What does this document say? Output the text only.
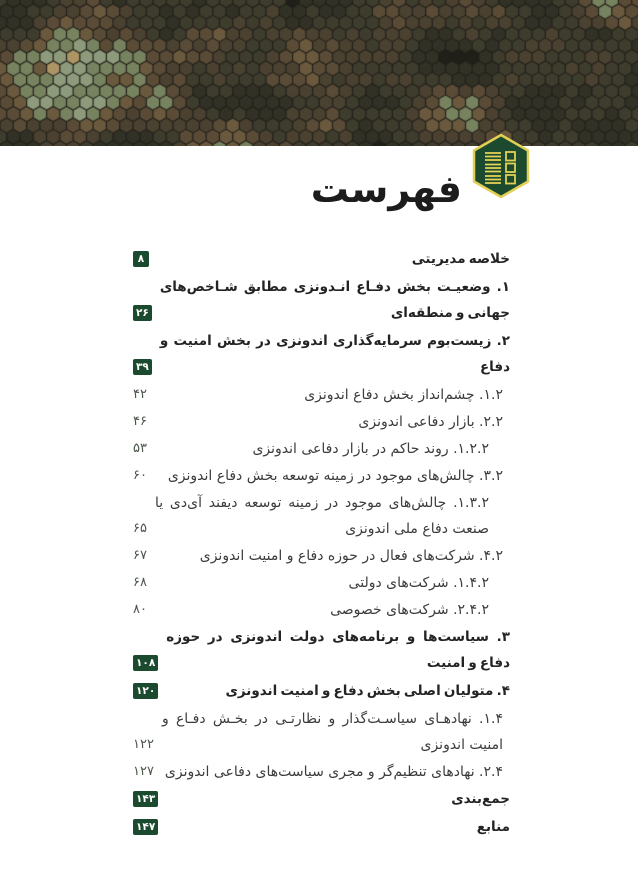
فهرست
خلاصه مدیریتی
۸
۱. وضعیـت بخش دفـاع انـدونزی مطابق شـاخص‌های جهانی و منطقه‌ای
۲۶
۲. زیست‌بوم سرمایه‌گذاری اندونزی در بخش امنیت و دفاع
۳۹
۱.۲. چشم‌انداز بخش دفاع اندونزی
۴۲
۲.۲. بازار دفاعی اندونزی
۴۶
۱.۲.۲. روند حاکم در بازار دفاعی اندونزی
۵۳
۳.۲. چالش‌های موجود در زمینه توسعه بخش دفاع اندونزی
۶۰
۱.۳.۲. چالش‌های موجود در زمینه توسعه دیفند آی‌دی یا صنعت دفاع ملی اندونزی
۶۵
۴.۲. شرکت‌های فعال در حوزه دفاع و امنیت اندونزی
۶۷
۱.۴.۲. شرکت‌های دولتی
۶۸
۲.۴.۲. شرکت‌های خصوصی
۸۰
۳. سیاست‌ها و برنامه‌های دولت اندونزی در حوزه دفاع و امنیت
۱۰۸
۴. متولیان اصلی بخش دفاع و امنیت اندونزی
۱۲۰
۱.۴. نهادهـای سیاسـت‌گذار و نظارتـی در بخـش دفـاع و امنیت اندونزی
۱۲۲
۲.۴. نهادهای تنظیم‌گر و مجری سیاست‌های دفاعی اندونزی
۱۲۷
جمع‌بندی
۱۴۳
منابع
۱۴۷
